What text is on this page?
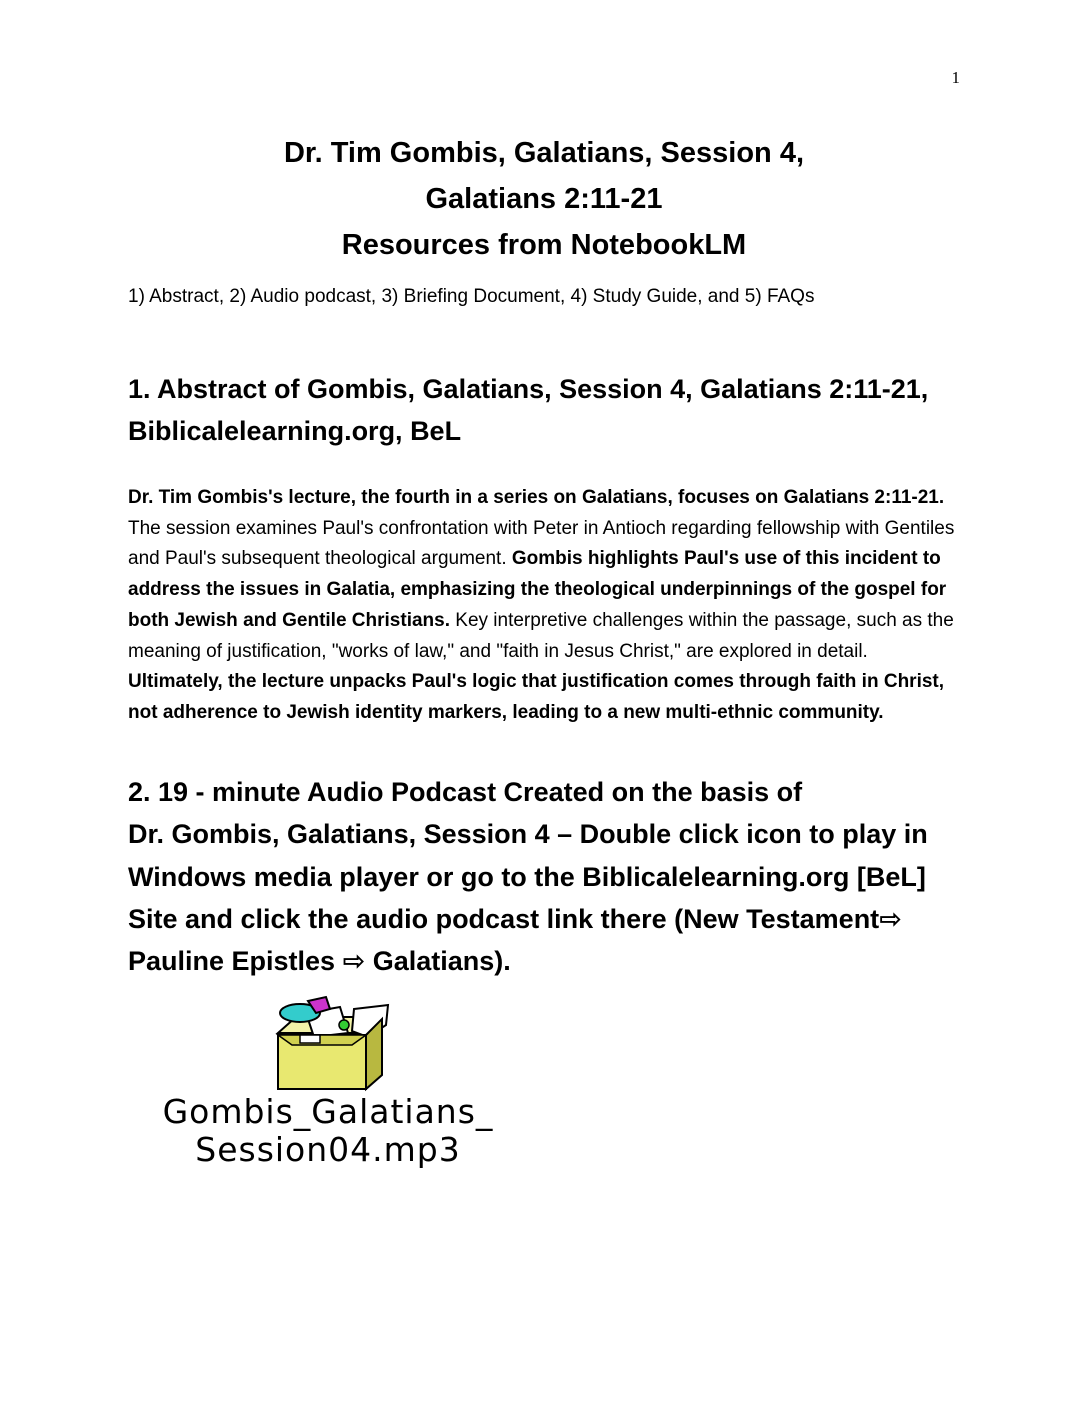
1
Dr. Tim Gombis, Galatians, Session 4,
Galatians 2:11-21
Resources from NotebookLM
1) Abstract, 2) Audio podcast, 3) Briefing Document, 4) Study Guide, and 5) FAQs
1. Abstract of Gombis, Galatians, Session 4, Galatians 2:11-21, Biblicalelearning.org, BeL
Dr. Tim Gombis's lecture, the fourth in a series on Galatians, focuses on Galatians 2:11-21. The session examines Paul's confrontation with Peter in Antioch regarding fellowship with Gentiles and Paul's subsequent theological argument. Gombis highlights Paul's use of this incident to address the issues in Galatia, emphasizing the theological underpinnings of the gospel for both Jewish and Gentile Christians. Key interpretive challenges within the passage, such as the meaning of justification, "works of law," and "faith in Jesus Christ," are explored in detail. Ultimately, the lecture unpacks Paul's logic that justification comes through faith in Christ, not adherence to Jewish identity markers, leading to a new multi-ethnic community.
2. 19 - minute Audio Podcast Created on the basis of
Dr. Gombis, Galatians, Session 4 – Double click icon to play in
Windows media player or go to the Biblicalelearning.org [BeL]
Site and click the audio podcast link there (New Testament⇨
Pauline Epistles ⇨ Galatians).
Gombis_Galatians_
Session04.mp3
